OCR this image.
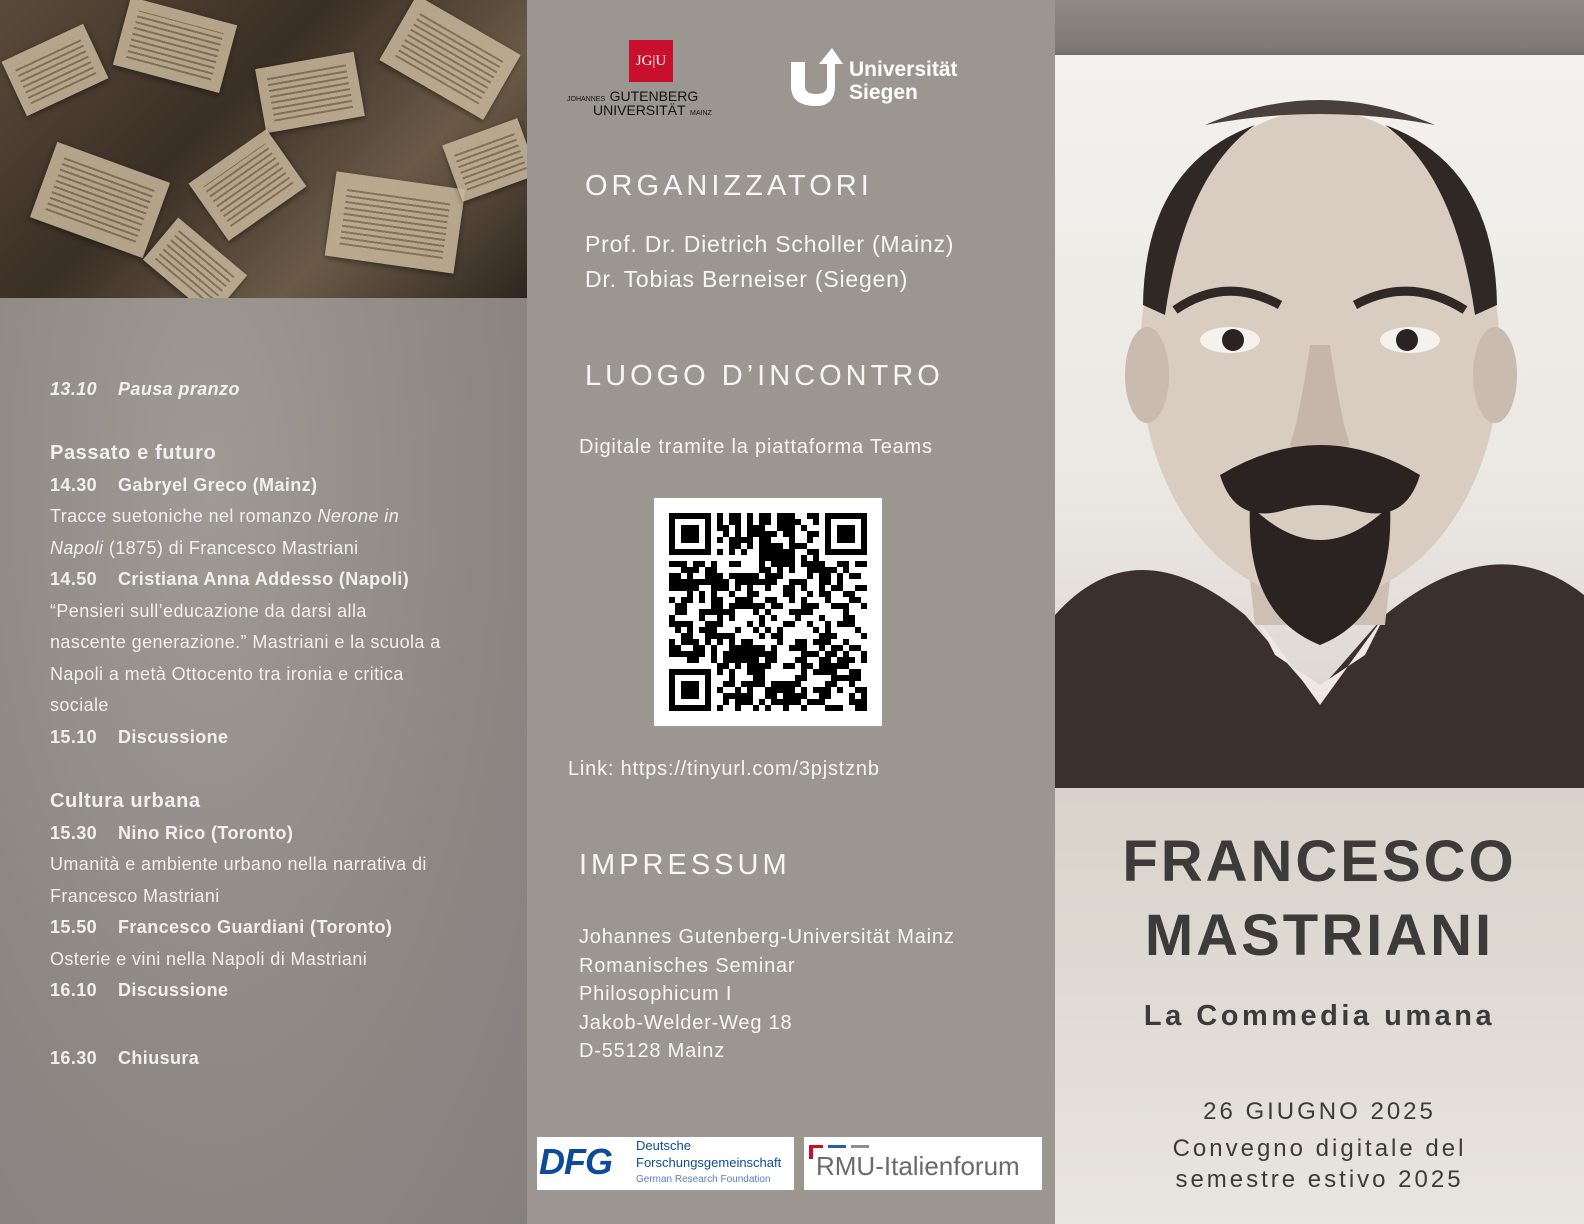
13.10 Pausa pranzo
Passato e futuro
14.30 Gabryel Greco (Mainz)
Tracce suetoniche nel romanzo Nerone in
Napoli (1875) di Francesco Mastriani
14.50 Cristiana Anna Addesso (Napoli)
“Pensieri sull’educazione da darsi alla
nascente generazione.” Mastriani e la scuola a
Napoli a metà Ottocento tra ironia e critica
sociale
15.10 Discussione
Cultura urbana
15.30 Nino Rico (Toronto)
Umanità e ambiente urbano nella narrativa di
Francesco Mastriani
15.50 Francesco Guardiani (Toronto)
Osterie e vini nella Napoli di Mastriani
16.10 Discussione
16.30 Chiusura
JG|U
JOHANNES GUTENBERG
UNIVERSITÄT MAINZ
Universität
Siegen
ORGANIZZATORI
Prof. Dr. Dietrich Scholler (Mainz)
Dr. Tobias Berneiser (Siegen)
LUOGO D’INCONTRO
Digitale tramite la piattaforma Teams
Link: https://tinyurl.com/3pjstznb
IMPRESSUM
Johannes Gutenberg-Universität Mainz
Romanisches Seminar
Philosophicum I
Jakob-Welder-Weg 18
D-55128 Mainz
DFG Deutsche
Forschungsgemeinschaft
German Research Foundation	RMU-Italienforum
FRANCESCO
MASTRIANI
La Commedia umana
26 GIUGNO 2025
Convegno digitale del
semestre estivo 2025
